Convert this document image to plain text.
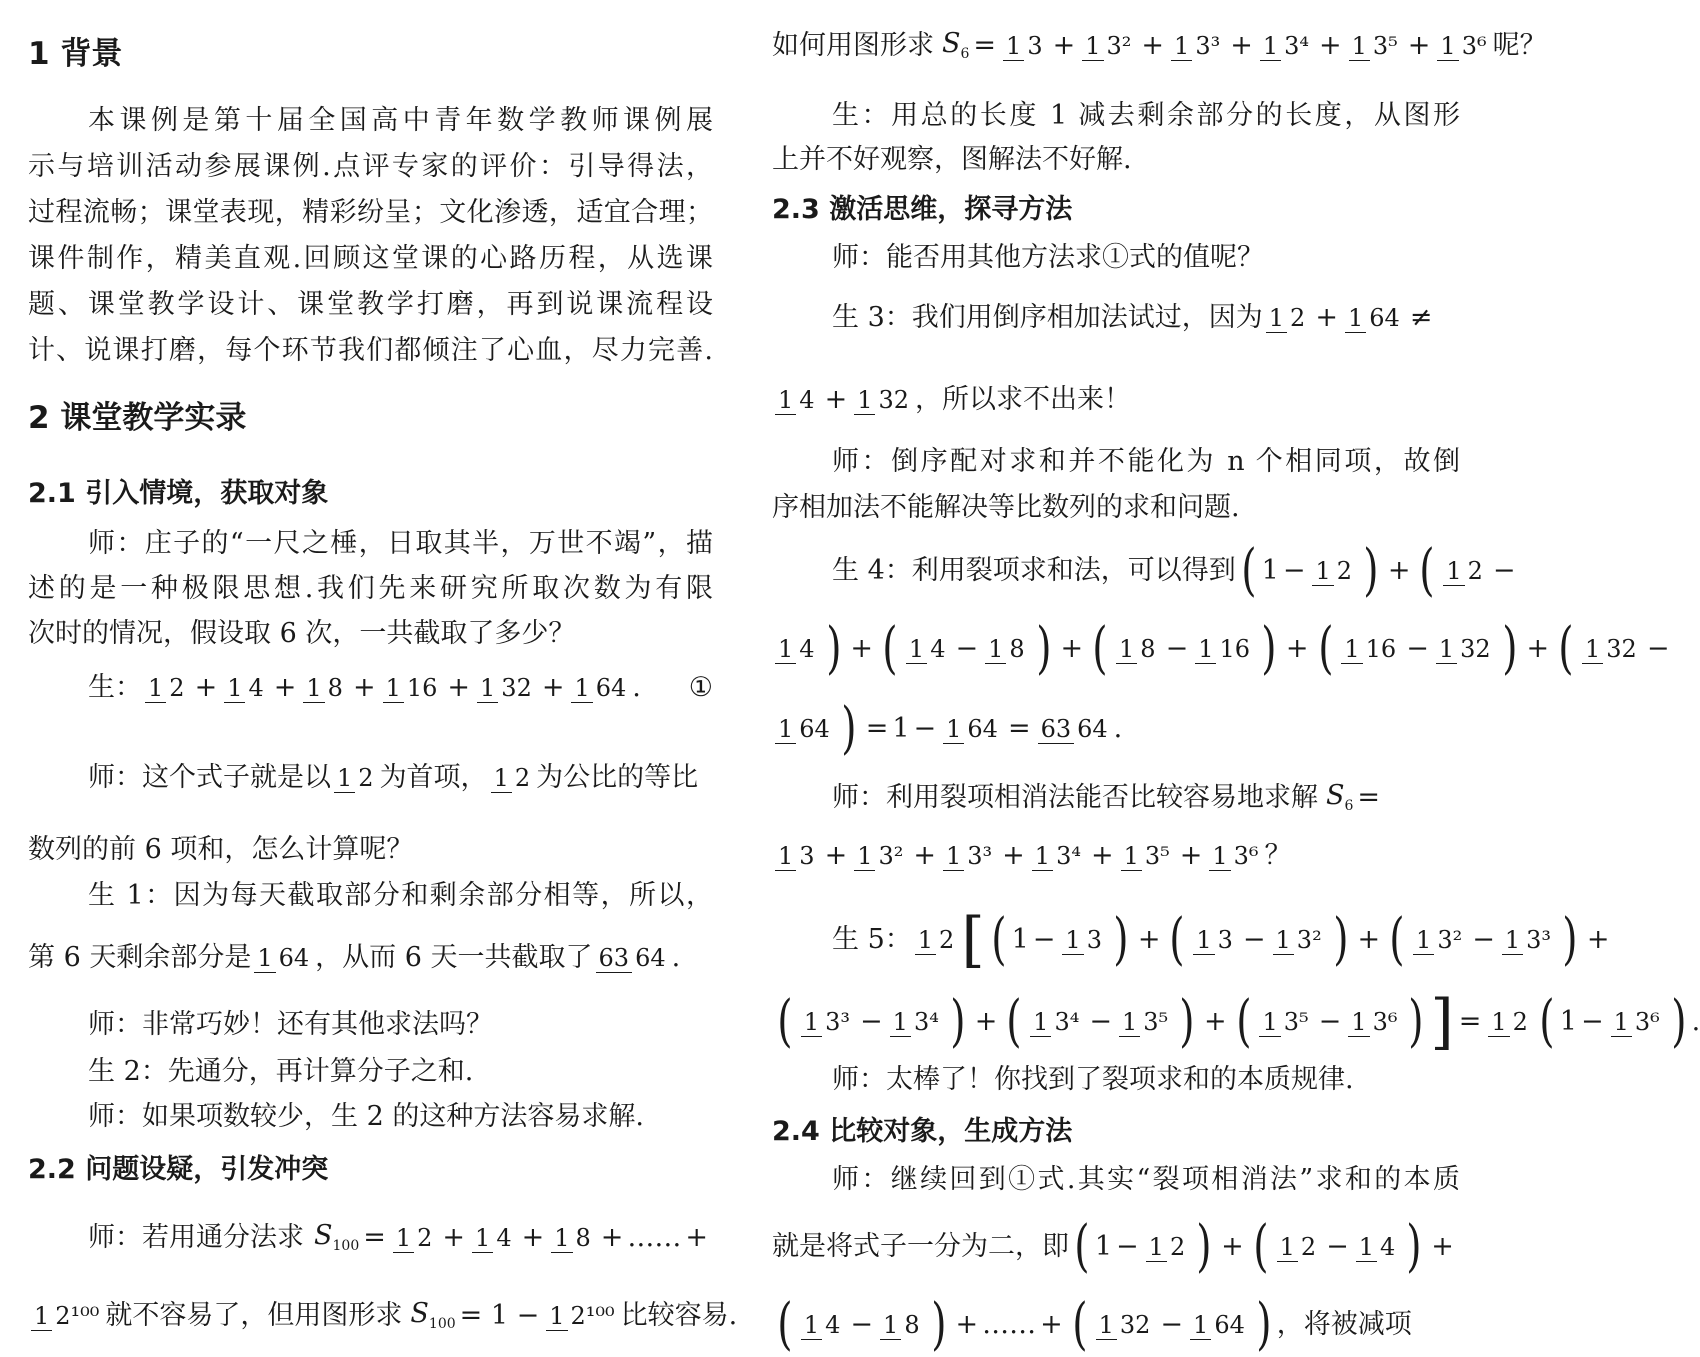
1 背景
本课例是第十届全国高中青年数学教师课例展
示与培训活动参展课例.点评专家的评价：引导得法，
过程流畅；课堂表现，精彩纷呈；文化渗透，适宜合理；
课件制作，精美直观.回顾这堂课的心路历程，从选课
题、课堂教学设计、课堂教学打磨，再到说课流程设
计、说课打磨，每个环节我们都倾注了心血，尽力完善.
2 课堂教学实录
2.1 引入情境，获取对象
师：庄子的“一尺之棰，日取其半，万世不竭”，描
述的是一种极限思想.我们先来研究所取次数为有限
次时的情况，假设取 6 次，一共截取了多少？
生： 1 2 + 1 4 + 1 8 + 1 16 + 1 32 + 1 64 . ①
师：这个式子就是以 1 2 为首项， 1 2 为公比的等比
数列的前 6 项和，怎么计算呢？
生 1：因为每天截取部分和剩余部分相等，所以，
第 6 天剩余部分是 1 64 ，从而 6 天一共截取了 63 64 .
师：非常巧妙！还有其他求法吗？
生 2：先通分，再计算分子之和.
师：如果项数较少，生 2 的这种方法容易求解.
2.2 问题设疑，引发冲突
师：若用通分法求 $S_{100} = 1$ 2 + 1 4 + 1 8 + …… +
1 2¹⁰⁰ 就不容易了，但用图形求 $S_{100} = 1 - 1$ 2¹⁰⁰ 比较容易.
如何用图形求 $S_6 = 1$ 3 + 1 3² + 1 3³ + 1 3⁴ + 1 3⁵ + 1 3⁶ 呢？
生：用总的长度 1 减去剩余部分的长度，从图形
上并不好观察，图解法不好解.
2.3 激活思维，探寻方法
师：能否用其他方法求①式的值呢？
生 3：我们用倒序相加法试过，因为 1 2 + 1 64 ≠
1 4 + 1 32 ，所以求不出来！
师：倒序配对求和并不能化为 n 个相同项，故倒
序相加法不能解决等比数列的求和问题.
生 4：利用裂项求和法，可以得到 ( 1 − 1 2 ) + ( 1 2 −
1 4 ) + ( 1 4 − 1 8 ) + ( 1 8 − 1 16 ) + ( 1 16 − 1 32 ) + ( 1 32 −
1 64 ) = 1 − 1 64 = 63 64 .
师：利用裂项相消法能否比较容易地求解 $S_6$ =
1 3 + 1 3² + 1 3³ + 1 3⁴ + 1 3⁵ + 1 3⁶ ？
生 5： 1 2 [ ( 1 − 1 3 ) + ( 1 3 − 1 3² ) + ( 1 3² − 1 3³ ) +
( 1 3³ − 1 3⁴ ) + ( 1 3⁴ − 1 3⁵ ) + ( 1 3⁵ − 1 3⁶ ) ] = 1 2 ( 1 − 1 3⁶ ) .
师：太棒了！你找到了裂项求和的本质规律.
2.4 比较对象，生成方法
师：继续回到①式.其实“裂项相消法”求和的本质
就是将式子一分为二，即 ( 1 − 1 2 ) + ( 1 2 − 1 4 ) +
( 1 4 − 1 8 ) + …… + ( 1 32 − 1 64 ) ，将被减项
